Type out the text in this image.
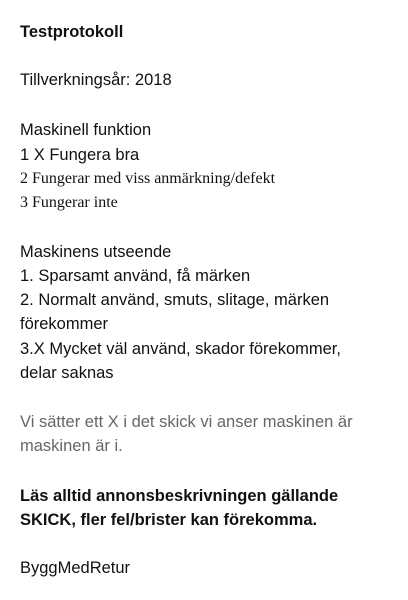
Testprotokoll
Tillverkningsår: 2018
Maskinell funktion
1 X Fungera bra
2 Fungerar med viss anmärkning/defekt
3 Fungerar inte
Maskinens utseende
1. Sparsamt använd, få märken
2. Normalt använd, smuts, slitage, märken
förekommer
3.X Mycket väl använd, skador förekommer,
delar saknas
Vi sätter ett X i det skick vi anser maskinen är
maskinen är i.
Läs alltid annonsbeskrivningen gällande
SKICK, fler fel/brister kan förekomma.
ByggMedRetur
